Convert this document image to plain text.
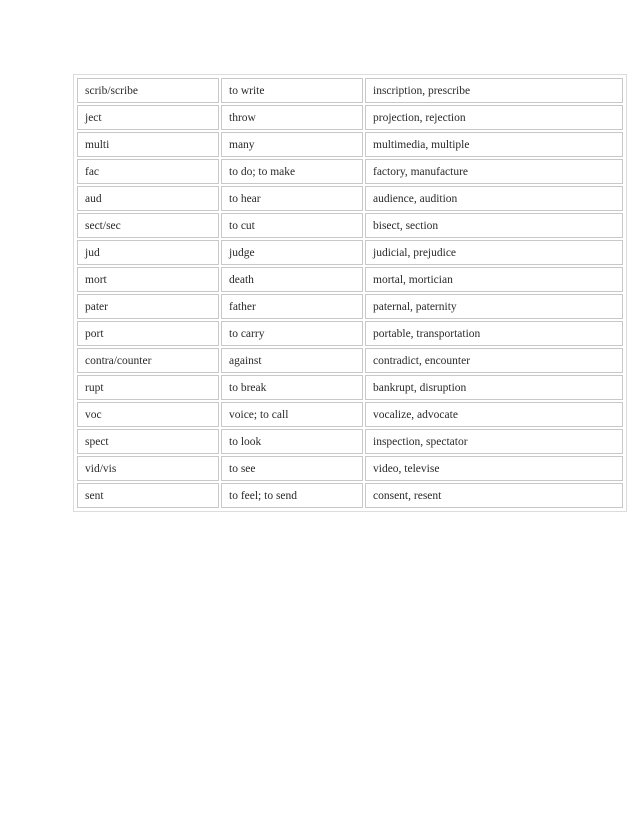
scrib/scribe	to write	inscription, prescribe
ject	throw	projection, rejection
multi	many	multimedia, multiple
fac	to do; to make	factory, manufacture
aud	to hear	audience, audition
sect/sec	to cut	bisect, section
jud	judge	judicial, prejudice
mort	death	mortal, mortician
pater	father	paternal, paternity
port	to carry	portable, transportation
contra/counter	against	contradict, encounter
rupt	to break	bankrupt, disruption
voc	voice; to call	vocalize, advocate
spect	to look	inspection, spectator
vid/vis	to see	video, televise
sent	to feel; to send	consent, resent
